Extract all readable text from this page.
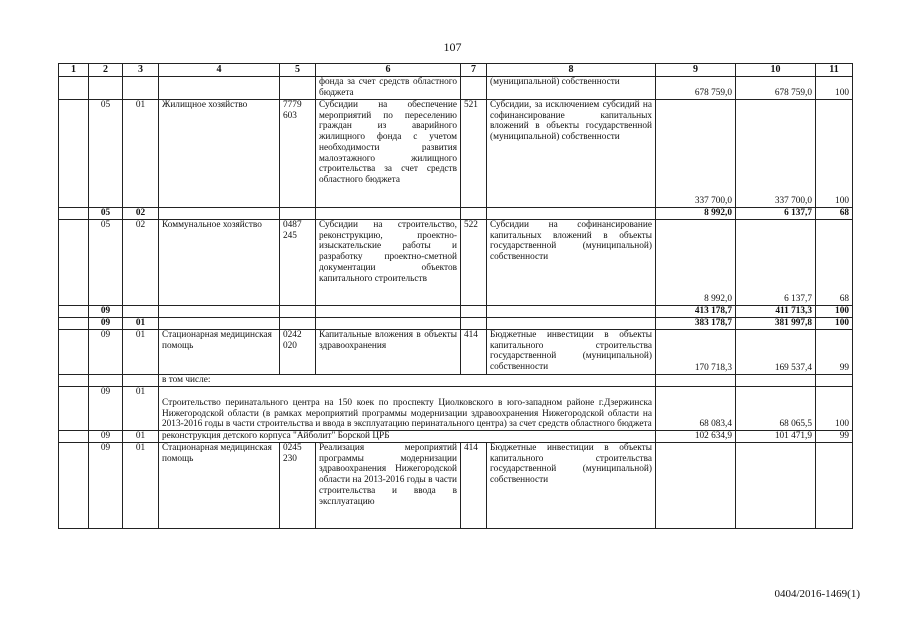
107
1	2	3	4	5	6	7	8	9	10	11
					фонда за счет средств областного бюджета		(муниципальной) собственности	678 759,0	678 759,0	100
	05	01	Жилищное хозяйство	7779 603	Субсидии на обеспечение мероприятий по переселению граждан из аварийного жилищного фонда с учетом необходимости развития малоэтажного жилищного строительства за счет средств областного бюджета	521	Субсидии, за исключением субсидий на софинансирование капитальных вложений в объекты государственной (муниципальной) собственности	337 700,0	337 700,0	100
	05	02						8 992,0	6 137,7	68
	05	02	Коммунальное хозяйство	0487 245	Субсидии на строительство, реконструкцию, проектно-изыскательские работы и разработку проектно-сметной документации объектов капитального строительств	522	Субсидии на софинансирование капитальных вложений в объекты государственной (муниципальной) собственности	8 992,0	6 137,7	68
	09							413 178,7	411 713,3	100
	09	01						383 178,7	381 997,8	100
	09	01	Стационарная медицинская помощь	0242 020	Капитальные вложения в объекты здравоохранения	414	Бюджетные инвестиции в объекты капитального строительства государственной (муниципальной) собственности	170 718,3	169 537,4	99
			в том числе:							
	09	01	Строительство перинатального центра на 150 коек по проспекту Циолковского в юго-западном районе г.Дзержинска Нижегородской области (в рамках мероприятий программы модернизации здравоохранения Нижегородской области на 2013-2016 годы в части строительства и ввода в эксплуатацию перинатального центра) за счет средств областного бюджета					68 083,4	68 065,5	100
	09	01	реконструкция детского корпуса "Айболит" Борской ЦРБ					102 634,9	101 471,9	99
	09	01	Стационарная медицинская помощь	0245 230	Реализация мероприятий программы модернизации здравоохранения Нижегородской области на 2013-2016 годы в части строительства и ввода в эксплуатацию	414	Бюджетные инвестиции в объекты капитального строительства государственной (муниципальной) собственности			
0404/2016-1469(1)
